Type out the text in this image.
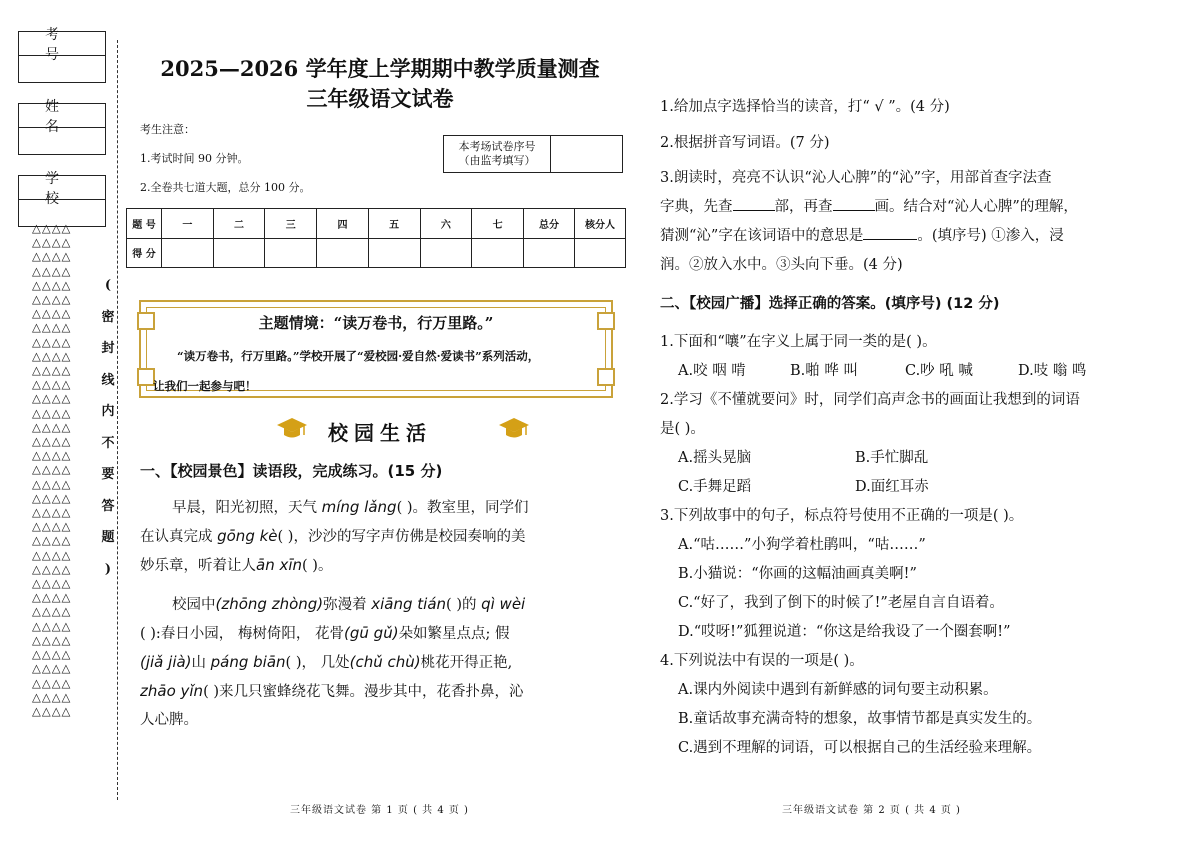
考号
姓名
学校
△△△△
△△△△
△△△△
△△△△
△△△△
△△△△
△△△△
△△△△
△△△△
△△△△
△△△△
△△△△
△△△△
△△△△
△△△△
△△△△
△△△△
△△△△
△△△△
△△△△
△△△△
△△△△
△△△△
△△△△
△△△△
△△△△
△△△△
△△△△
△△△△
△△△△
△△△△
△△△△
△△△△
△△△△
△△△△
(
密
封
线
内
不
要
答
题
)
2025—2026 学年度上学期期中教学质量测查
三年级语文试卷
考生注意：
1.考试时间 90 分钟。
2.全卷共七道大题，总分 100 分。
本考场试卷序号
（由监考填写）
题 号	一	二	三	四	五	六	七	总分	核分人
得 分									
主题情境：“读万卷书，行万里路。”
“读万卷书，行万里路。”学校开展了“爱校园·爱自然·爱读书”系列活动，
让我们一起参与吧！
校园生活
一、【校园景色】读语段，完成练习。(15 分)
早晨，阳光初照，天气 míng lǎng( )。教室里，同学们
在认真完成 gōng kè( )，沙沙的写字声仿佛是校园奏响的美
妙乐章，听着让人ān xīn( )。
校园中(zhōng zhòng)弥漫着 xiāng tián( )的 qì wèi
( ):春日小园， 梅树倚阳， 花骨(gū gǔ)朵如繁星点点; 假
(jiǎ jià)山 páng biān( )， 几处(chǔ chù)桃花开得正艳,
zhāo yǐn( )来几只蜜蜂绕花飞舞。漫步其中，花香扑鼻，沁
人心脾。
1.给加点字选择恰当的读音，打“ √ ”。(4 分)
2.根据拼音写词语。(7 分)
3.朗读时，亮亮不认识“沁人心脾”的“沁”字，用部首查字法查
字典，先查	部，再查	画。结合对“沁人心脾”的理解，
猜测“沁”字在该词语中的意思是	。(填序号) ①渗入，浸
润。②放入水中。③头向下垂。(4 分)
二、【校园广播】选择正确的答案。(填序号) (12 分)
1.下面和“嚷”在字义上属于同一类的是( )。
A.咬 咽 啃	B.啪 哗 叫	C.吵 吼 喊	D.吱 嗡 鸣
2.学习《不懂就要问》时，同学们高声念书的画面让我想到的词语
是( )。
A.摇头晃脑	B.手忙脚乱
C.手舞足蹈	D.面红耳赤
3.下列故事中的句子，标点符号使用不正确的一项是( )。
A.“咕……”小狗学着杜鹃叫，“咕……”
B.小猫说：“你画的这幅油画真美啊!”
C.“好了，我到了倒下的时候了!”老屋自言自语着。
D.“哎呀!”狐狸说道：“你这是给我设了一个圈套啊!”
4.下列说法中有误的一项是( )。
A.课内外阅读中遇到有新鲜感的词句要主动积累。
B.童话故事充满奇特的想象，故事情节都是真实发生的。
C.遇到不理解的词语，可以根据自己的生活经验来理解。
三年级语文试卷 第 1 页 ( 共 4 页 )	三年级语文试卷 第 2 页 ( 共 4 页 )
